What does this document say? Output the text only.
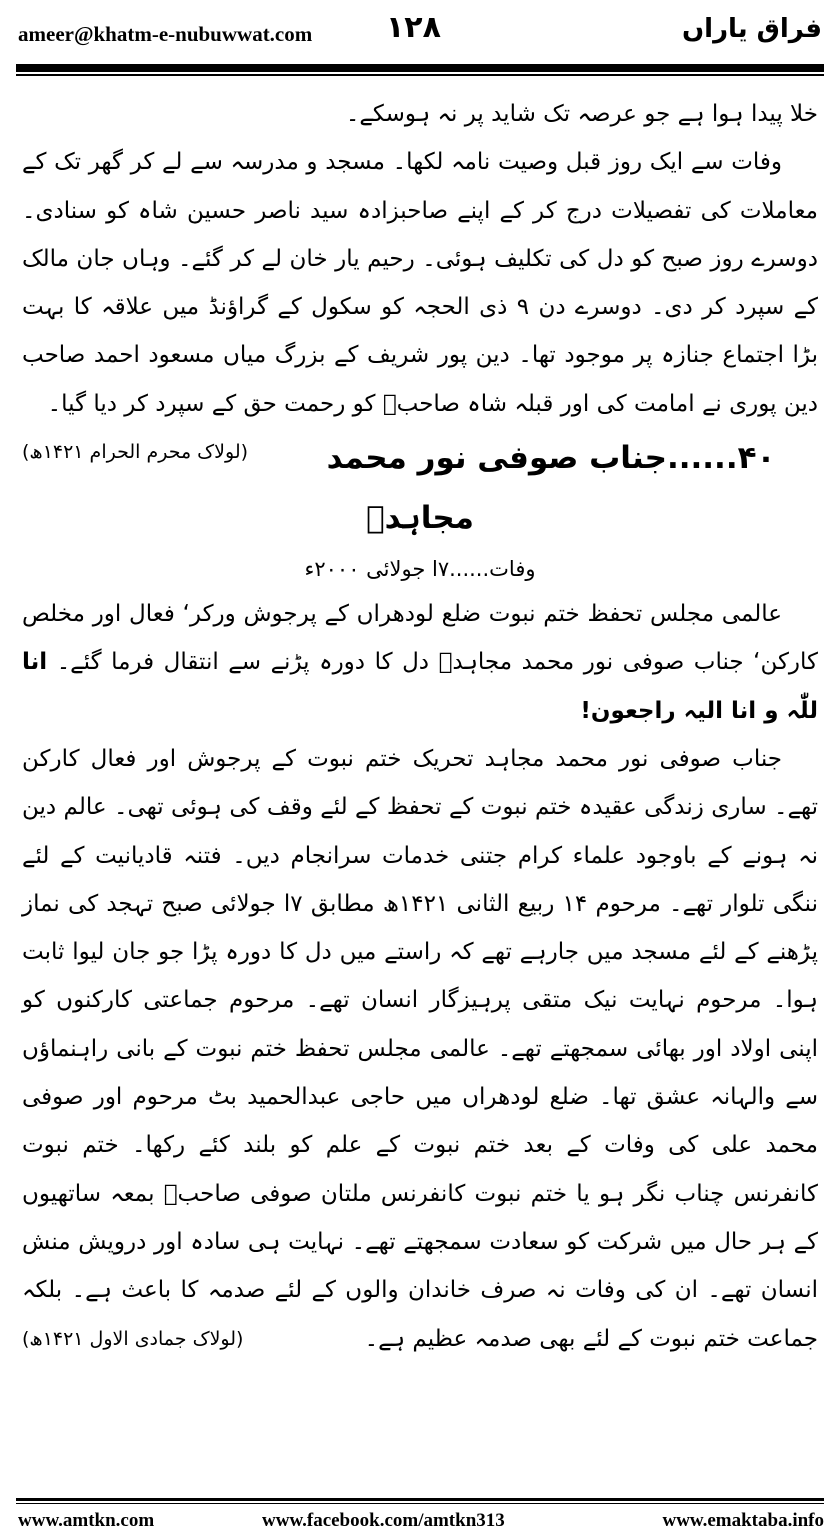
ameer@khatm-e-nubuwwat.com ۱۲۸	فراق یاراں

خلا پیدا ہوا ہے جو عرصہ تک شاید پر نہ ہوسکے۔

وفات سے ایک روز قبل وصیت نامہ لکھا۔ مسجد و مدرسہ سے لے کر گھر تک کے معاملات کی تفصیلات درج کر کے اپنے صاحبزادہ سید ناصر حسین شاہ کو سنادی۔ دوسرے روز صبح کو دل کی تکلیف ہوئی۔ رحیم یار خان لے کر گئے۔ وہاں جان مالک کے سپرد کر دی۔ دوسرے دن ۹ ذی الحجہ کو سکول کے گراؤنڈ میں علاقہ کا بہت بڑا اجتماع جنازہ پر موجود تھا۔ دین پور شریف کے بزرگ میاں مسعود احمد صاحب دین پوری نے امامت کی اور قبلہ شاہ صاحبؒ کو رحمت حق کے سپرد کر دیا گیا۔
(لولاک محرم الحرام ۱۴۲۱ھ)	۴۰......جناب صوفی نور محمد مجاہدؒ

وفات......۷ا جولائی ۲۰۰۰ء

عالمی مجلس تحفظ ختم نبوت ضلع لودھراں کے پرجوش ورکر‘ فعال اور مخلص کارکن‘ جناب صوفی نور محمد مجاہدؒ دل کا دورہ پڑنے سے انتقال فرما گئے۔ انا للّٰہ و انا الیہ راجعون!

جناب صوفی نور محمد مجاہد تحریک ختم نبوت کے پرجوش اور فعال کارکن تھے۔ ساری زندگی عقیدہ ختم نبوت کے تحفظ کے لئے وقف کی ہوئی تھی۔ عالم دین نہ ہونے کے باوجود علماء کرام جتنی خدمات سرانجام دیں۔ فتنہ قادیانیت کے لئے ننگی تلوار تھے۔ مرحوم ۱۴ ربیع الثانی ۱۴۲۱ھ مطابق ۷ا جولائی صبح تہجد کی نماز پڑھنے کے لئے مسجد میں جارہے تھے کہ راستے میں دل کا دورہ پڑا جو جان لیوا ثابت ہوا۔ مرحوم نہایت نیک متقی پرہیزگار انسان تھے۔ مرحوم جماعتی کارکنوں کو اپنی اولاد اور بھائی سمجھتے تھے۔ عالمی مجلس تحفظ ختم نبوت کے بانی راہنماؤں سے والہانہ عشق تھا۔ ضلع لودھراں میں حاجی عبدالحمید بٹ مرحوم اور صوفی محمد علی کی وفات کے بعد ختم نبوت کے علم کو بلند کئے رکھا۔ ختم نبوت کانفرنس چناب نگر ہو یا ختم نبوت کانفرنس ملتان صوفی صاحبؒ بمعہ ساتھیوں کے ہر حال میں شرکت کو سعادت سمجھتے تھے۔ نہایت ہی سادہ اور درویش منش انسان تھے۔ ان کی وفات نہ صرف خاندان والوں کے لئے صدمہ کا باعث ہے۔ بلکہ جماعت ختم نبوت کے لئے بھی صدمہ عظیم ہے۔
(لولاک جمادی الاول ۱۴۲۱ھ)

www.amtkn.com	www.facebook.com/amtkn313	www.emaktaba.info
